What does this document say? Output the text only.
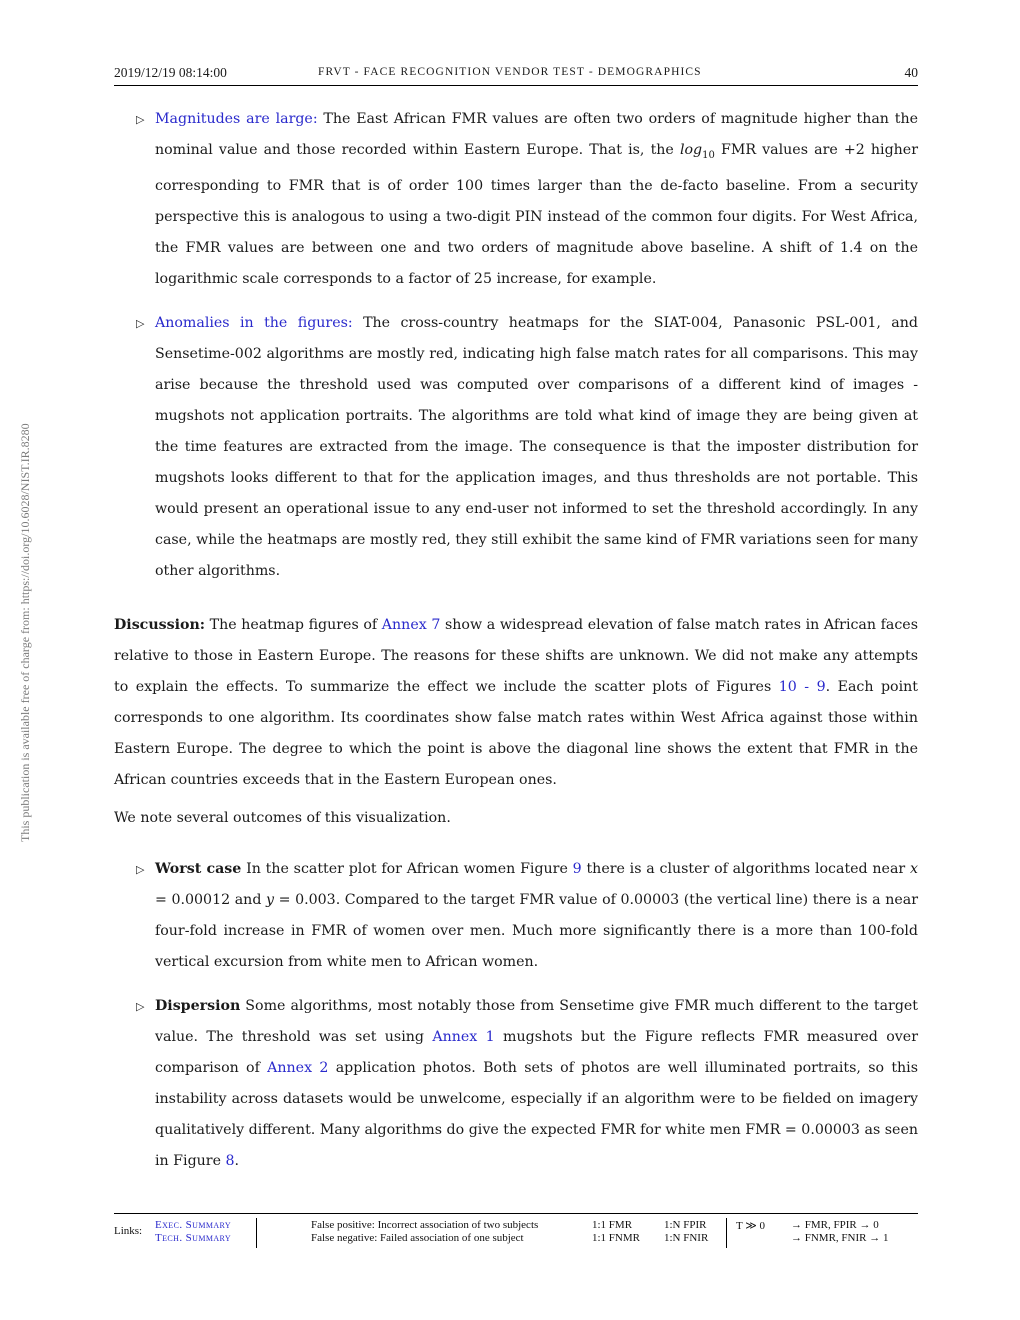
2019/12/19 08:14:00	FRVT - FACE RECOGNITION VENDOR TEST - DEMOGRAPHICS	40
This publication is available free of charge from: https://doi.org/10.6028/NIST.IR.8280
▷ Magnitudes are large: The East African FMR values are often two orders of magnitude higher than the nominal value and those recorded within Eastern Europe. That is, the $\log_{10}$ FMR values are +2 higher corresponding to FMR that is of order 100 times larger than the de-facto baseline. From a security perspective this is analogous to using a two-digit PIN instead of the common four digits. For West Africa, the FMR values are between one and two orders of magnitude above baseline. A shift of 1.4 on the logarithmic scale corresponds to a factor of 25 increase, for example.
▷ Anomalies in the figures: The cross-country heatmaps for the SIAT-004, Panasonic PSL-001, and Sensetime-002 algorithms are mostly red, indicating high false match rates for all comparisons. This may arise because the threshold used was computed over comparisons of a different kind of images - mugshots not application portraits. The algorithms are told what kind of image they are being given at the time features are extracted from the image. The consequence is that the imposter distribution for mugshots looks different to that for the application images, and thus thresholds are not portable. This would present an operational issue to any end-user not informed to set the threshold accordingly. In any case, while the heatmaps are mostly red, they still exhibit the same kind of FMR variations seen for many other algorithms.

Discussion: The heatmap figures of Annex 7 show a widespread elevation of false match rates in African faces relative to those in Eastern Europe. The reasons for these shifts are unknown. We did not make any attempts to explain the effects. To summarize the effect we include the scatter plots of Figures 10 - 9. Each point corresponds to one algorithm. Its coordinates show false match rates within West Africa against those within Eastern Europe. The degree to which the point is above the diagonal line shows the extent that FMR in the African countries exceeds that in the Eastern European ones.

We note several outcomes of this visualization.

▷ Worst case In the scatter plot for African women Figure 9 there is a cluster of algorithms located near x = 0.00012 and y = 0.003. Compared to the target FMR value of 0.00003 (the vertical line) there is a near four-fold increase in FMR of women over men. Much more significantly there is a more than 100-fold vertical excursion from white men to African women.
▷ Dispersion Some algorithms, most notably those from Sensetime give FMR much different to the target value. The threshold was set using Annex 1 mugshots but the Figure reflects FMR measured over comparison of Annex 2 application photos. Both sets of photos are well illuminated portraits, so this instability across datasets would be unwelcome, especially if an algorithm were to be fielded on imagery qualitatively different. Many algorithms do give the expected FMR for white men FMR = 0.00003 as seen in Figure 8.
Links: Exec. Summary
Tech. Summary
False positive: Incorrect association of two subjects
False negative: Failed association of one subject
1:1 FMR
1:1 FNMR
1:N FPIR
1:N FNIR
T ≫ 0 → FMR, FPIR → 0
→ FNMR, FNIR → 1
